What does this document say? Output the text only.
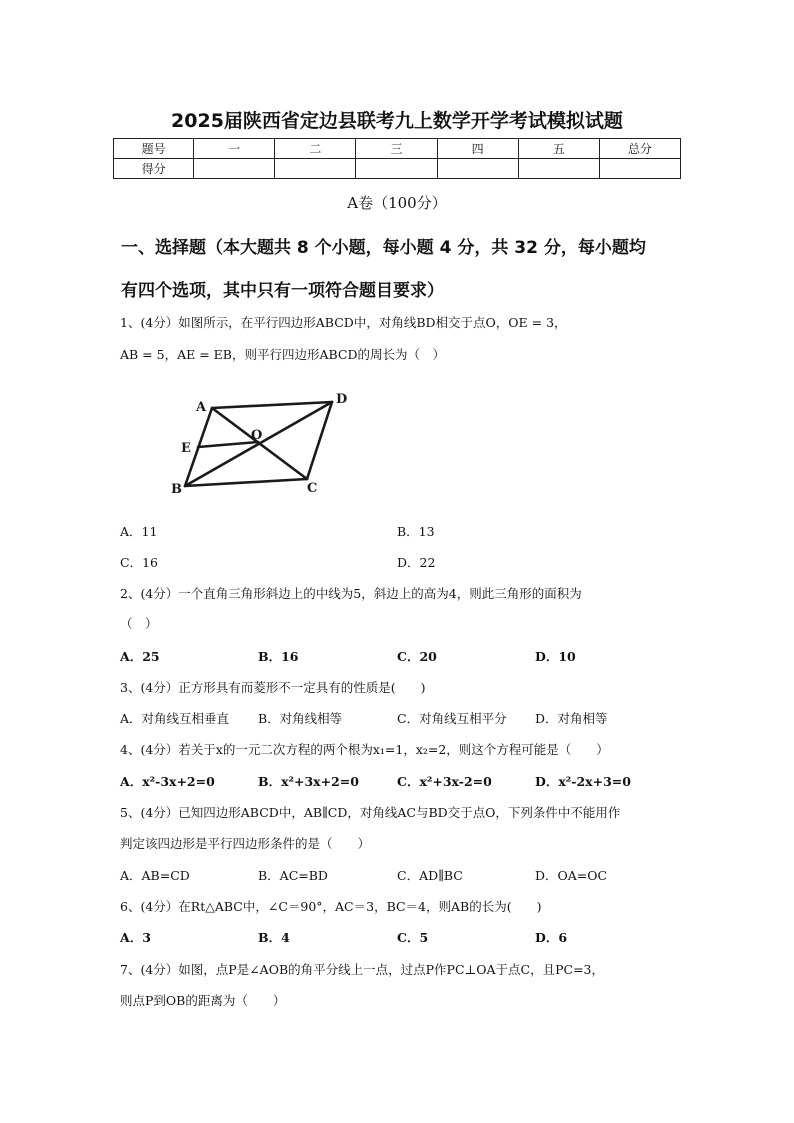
2025届陕西省定边县联考九上数学开学考试模拟试题
题号	一	二	三	四	五	总分
得分						
A卷（100分）
一、选择题（本大题共 8 个小题，每小题 4 分，共 32 分，每小题均
有四个选项，其中只有一项符合题目要求）
1、(4分）如图所示，在平行四边形ABCD中，对角线BD相交于点O，OE = 3，
AB = 5，AE = EB，则平行四边形ABCD的周长为（　）
A
B	C
D
E
O
A．11	B．13
C．16	D．22
2、(4分）一个直角三角形斜边上的中线为5，斜边上的高为4，则此三角形的面积为
（　）
A．25	B．16	C．20	D．10
3、(4分）正方形具有而菱形不一定具有的性质是(　　)
A．对角线互相垂直 B．对角线相等	C．对角线互相平分 D．对角相等
4、(4分）若关于x的一元二次方程的两个根为x₁=1，x₂=2，则这个方程可能是（　　）
A．x²-3x+2=0	B．x²+3x+2=0	C．x²+3x-2=0	D．x²-2x+3=0
5、(4分）已知四边形ABCD中，AB∥CD，对角线AC与BD交于点O，下列条件中不能用作
判定该四边形是平行四边形条件的是（　　）
A．AB=CD	B．AC=BD	C．AD∥BC	D．OA=OC
6、(4分）在Rt△ABC中，∠C＝90°，AC＝3，BC＝4，则AB的长为(　　)
A．3	B．4	C．5	D．6
7、(4分）如图，点P是∠AOB的角平分线上一点，过点P作PC⊥OA于点C，且PC=3，
则点P到OB的距离为（　　）
